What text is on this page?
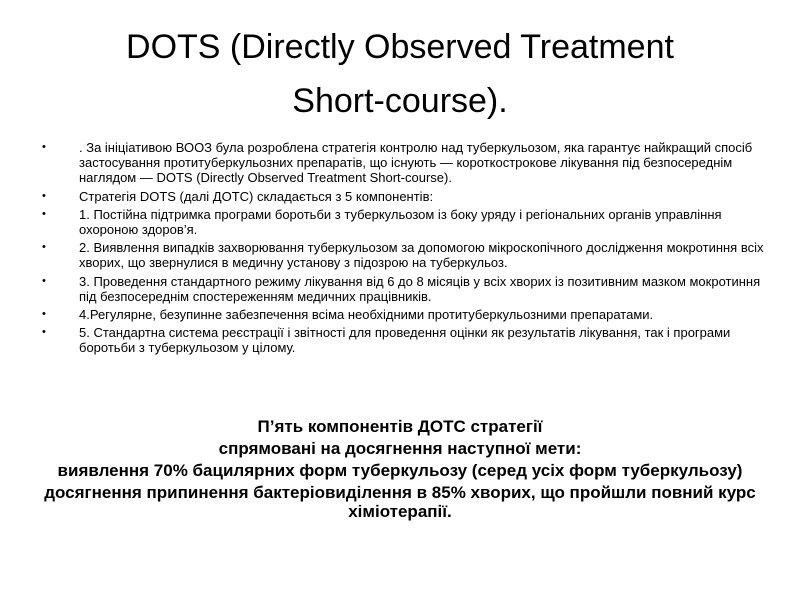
DOTS (Directly Observed Treatment
Short-course).
•	. За ініціативою ВООЗ була розроблена стратегія контролю над туберкульозом, яка гарантує найкращий спосіб застосування протитуберкульозних препаратів, що існують — короткострокове лікування під безпосереднім наглядом — DOTS (Directly Observed Treatment Short-course).
•	Стратегія DOTS (далі ДОТС) складається з 5 компонентів:
•	1. Постійна підтримка програми боротьби з туберкульозом із боку уряду і регіональних органів управління охороною здоров’я.
•	2. Виявлення випадків захворювання туберкульозом за допомогою мікроскопічного дослідження мокротиння всіх хворих, що звернулися в медичну установу з підозрою на туберкульоз.
•	3. Проведення стандартного режиму лікування від 6 до 8 місяців у всіх хворих із позитивним мазком мокротиння під безпосереднім спостереженням медичних працівників.
•	4.Регулярне, безупинне забезпечення всіма необхідними протитуберкульозними препаратами.
•	5. Стандартна система реєстрації і звітності для проведення оцінки як результатів лікування, так і програми боротьби з туберкульозом у цілому.
П’ять компонентів ДОТС стратегії
спрямовані на досягнення наступної мети:
виявлення 70% бацилярних форм туберкульозу (серед усіх форм туберкульозу)
досягнення припинення бактеріовиділення в 85% хворих, що пройшли повний курс хіміотерапії.
